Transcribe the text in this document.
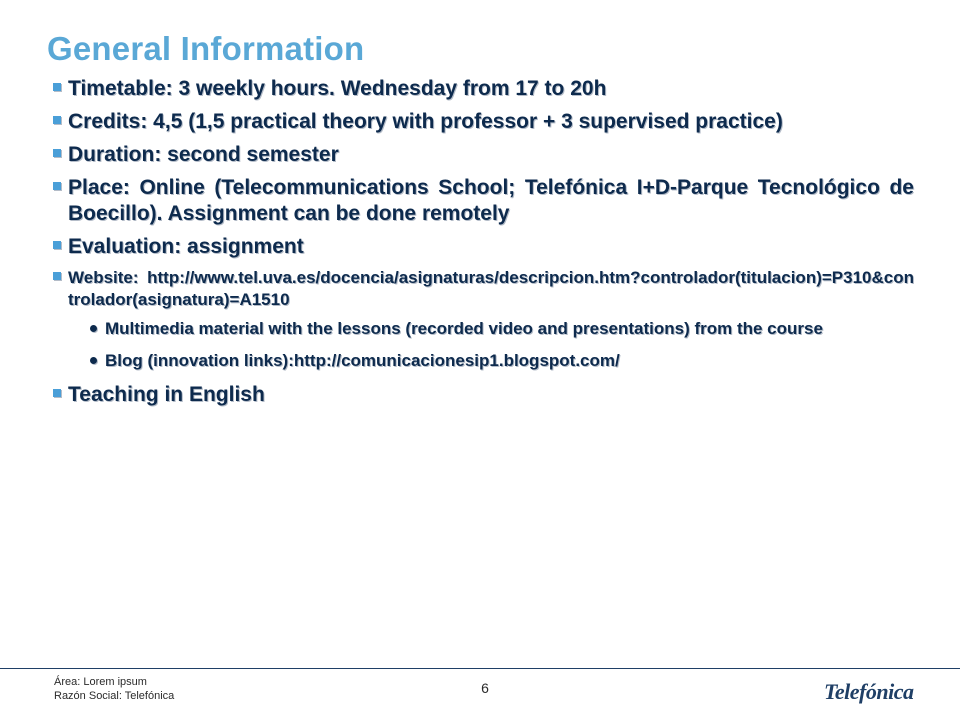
General Information
Timetable: 3 weekly hours. Wednesday from 17 to 20h
Credits: 4,5 (1,5 practical theory with professor + 3 supervised practice)
Duration: second semester
Place: Online (Telecommunications School; Telefónica I+D-Parque Tecnológico de Boecillo). Assignment can be done remotely
Evaluation: assignment
Website: http://www.tel.uva.es/docencia/asignaturas/descripcion.htm?controlador(titulacion)=P310&controlador(asignatura)=A1510
Multimedia material with the lessons (recorded video and presentations) from the course
Blog (innovation links):http://comunicacionesip1.blogspot.com/
Teaching in English
Área: Lorem ipsum
Razón Social: Telefónica	6	Telefónica
